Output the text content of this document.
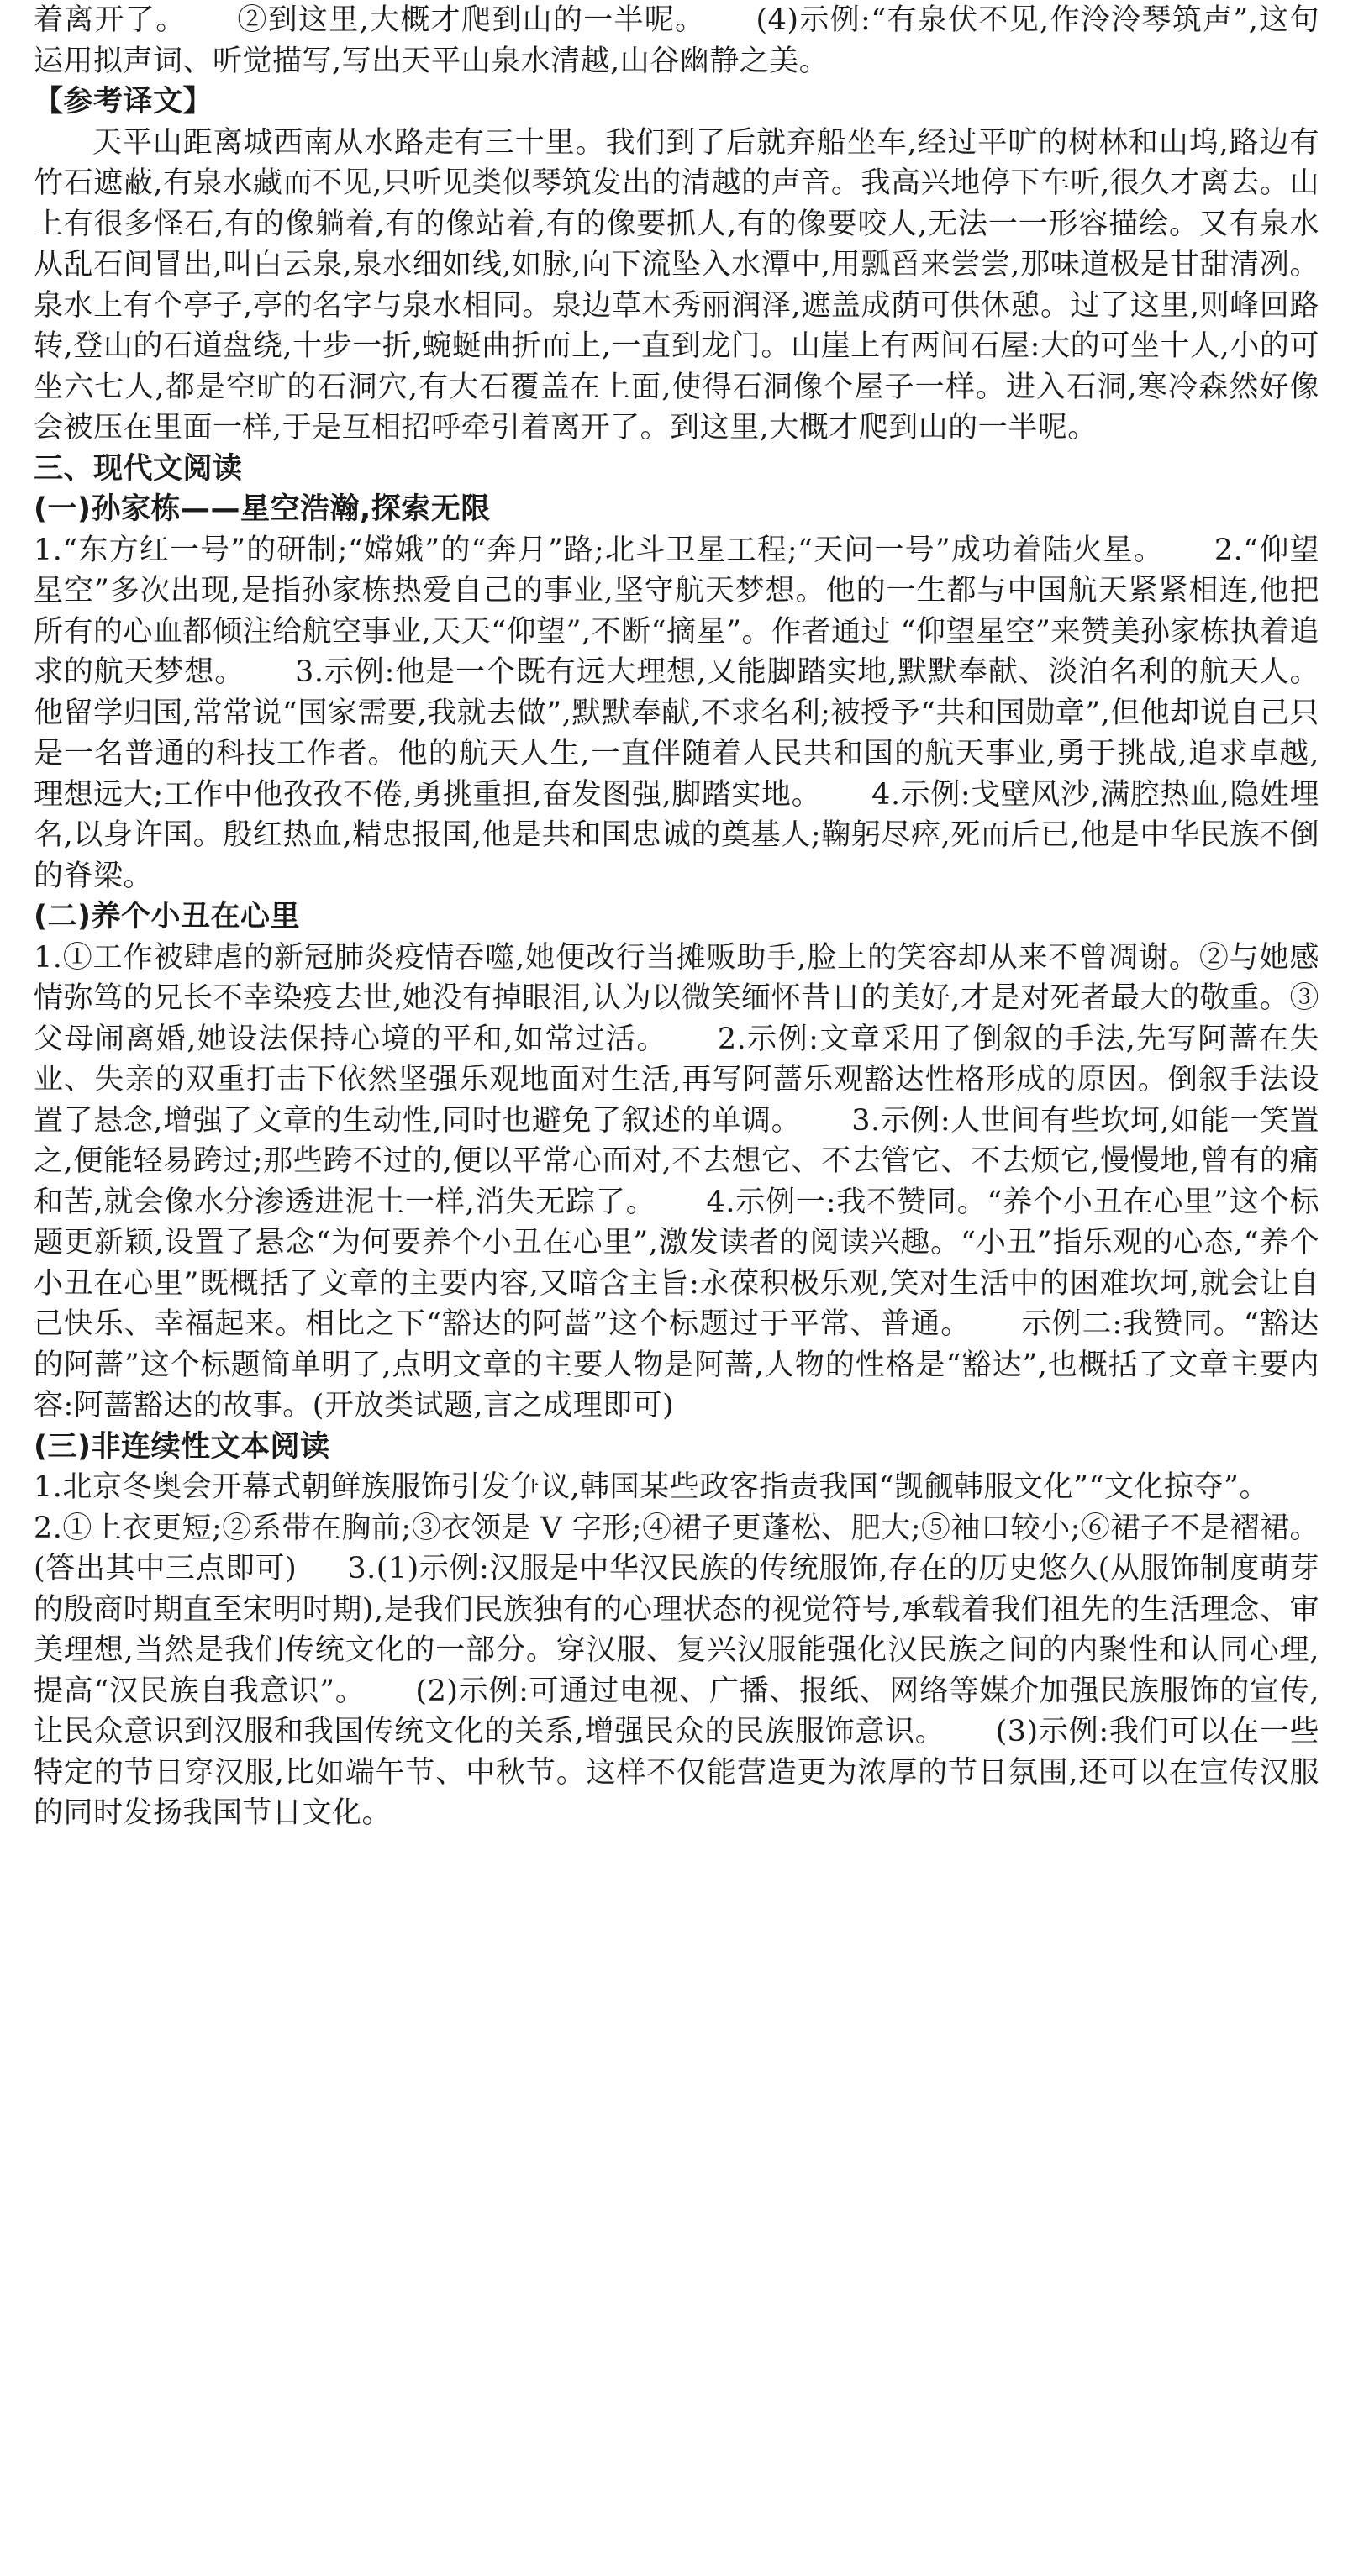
着离开了。 ②到这里,大概才爬到山的一半呢。 (4)示例:“有泉伏不见,作泠泠琴筑声”,这句运用拟声词、听觉描写,写出天平山泉水清越,山谷幽静之美。
【参考译文】
天平山距离城西南从水路走有三十里。我们到了后就弃船坐车,经过平旷的树林和山坞,路边有竹石遮蔽,有泉水藏而不见,只听见类似琴筑发出的清越的声音。我高兴地停下车听,很久才离去。山上有很多怪石,有的像躺着,有的像站着,有的像要抓人,有的像要咬人,无法一一形容描绘。又有泉水从乱石间冒出,叫白云泉,泉水细如线,如脉,向下流坠入水潭中,用瓢舀来尝尝,那味道极是甘甜清冽。泉水上有个亭子,亭的名字与泉水相同。泉边草木秀丽润泽,遮盖成荫可供休憩。过了这里,则峰回路转,登山的石道盘绕,十步一折,蜿蜒曲折而上,一直到龙门。山崖上有两间石屋:大的可坐十人,小的可坐六七人,都是空旷的石洞穴,有大石覆盖在上面,使得石洞像个屋子一样。进入石洞,寒冷森然好像会被压在里面一样,于是互相招呼牵引着离开了。到这里,大概才爬到山的一半呢。
三、现代文阅读
(一)孙家栋——星空浩瀚,探索无限
1.“东方红一号”的研制;“嫦娥”的“奔月”路;北斗卫星工程;“天问一号”成功着陆火星。 2.“仰望星空”多次出现,是指孙家栋热爱自己的事业,坚守航天梦想。他的一生都与中国航天紧紧相连,他把所有的心血都倾注给航空事业,天天“仰望”,不断“摘星”。作者通过 “仰望星空”来赞美孙家栋执着追求的航天梦想。 3.示例:他是一个既有远大理想,又能脚踏实地,默默奉献、淡泊名利的航天人。他留学归国,常常说“国家需要,我就去做”,默默奉献,不求名利;被授予“共和国勋章”,但他却说自己只是一名普通的科技工作者。他的航天人生,一直伴随着人民共和国的航天事业,勇于挑战,追求卓越,理想远大;工作中他孜孜不倦,勇挑重担,奋发图强,脚踏实地。 4.示例:戈壁风沙,满腔热血,隐姓埋名,以身许国。殷红热血,精忠报国,他是共和国忠诚的奠基人;鞠躬尽瘁,死而后已,他是中华民族不倒的脊梁。
(二)养个小丑在心里
1.①工作被肆虐的新冠肺炎疫情吞噬,她便改行当摊贩助手,脸上的笑容却从来不曾凋谢。②与她感情弥笃的兄长不幸染疫去世,她没有掉眼泪,认为以微笑缅怀昔日的美好,才是对死者最大的敬重。③父母闹离婚,她设法保持心境的平和,如常过活。 2.示例:文章采用了倒叙的手法,先写阿蔷在失业、失亲的双重打击下依然坚强乐观地面对生活,再写阿蔷乐观豁达性格形成的原因。倒叙手法设置了悬念,增强了文章的生动性,同时也避免了叙述的单调。 3.示例:人世间有些坎坷,如能一笑置之,便能轻易跨过;那些跨不过的,便以平常心面对,不去想它、不去管它、不去烦它,慢慢地,曾有的痛和苦,就会像水分渗透进泥土一样,消失无踪了。 4.示例一:我不赞同。“养个小丑在心里”这个标题更新颖,设置了悬念“为何要养个小丑在心里”,激发读者的阅读兴趣。“小丑”指乐观的心态,“养个小丑在心里”既概括了文章的主要内容,又暗含主旨:永葆积极乐观,笑对生活中的困难坎坷,就会让自己快乐、幸福起来。相比之下“豁达的阿蔷”这个标题过于平常、普通。 示例二:我赞同。“豁达的阿蔷”这个标题简单明了,点明文章的主要人物是阿蔷,人物的性格是“豁达”,也概括了文章主要内容:阿蔷豁达的故事。(开放类试题,言之成理即可)
(三)非连续性文本阅读
1.北京冬奥会开幕式朝鲜族服饰引发争议,韩国某些政客指责我国“觊觎韩服文化”“文化掠夺”。2.①上衣更短;②系带在胸前;③衣领是 V 字形;④裙子更蓬松、肥大;⑤袖口较小;⑥裙子不是褶裙。(答出其中三点即可) 3.(1)示例:汉服是中华汉民族的传统服饰,存在的历史悠久(从服饰制度萌芽的殷商时期直至宋明时期),是我们民族独有的心理状态的视觉符号,承载着我们祖先的生活理念、审美理想,当然是我们传统文化的一部分。穿汉服、复兴汉服能强化汉民族之间的内聚性和认同心理,提高“汉民族自我意识”。 (2)示例:可通过电视、广播、报纸、网络等媒介加强民族服饰的宣传,让民众意识到汉服和我国传统文化的关系,增强民众的民族服饰意识。 (3)示例:我们可以在一些特定的节日穿汉服,比如端午节、中秋节。这样不仅能营造更为浓厚的节日氛围,还可以在宣传汉服的同时发扬我国节日文化。
